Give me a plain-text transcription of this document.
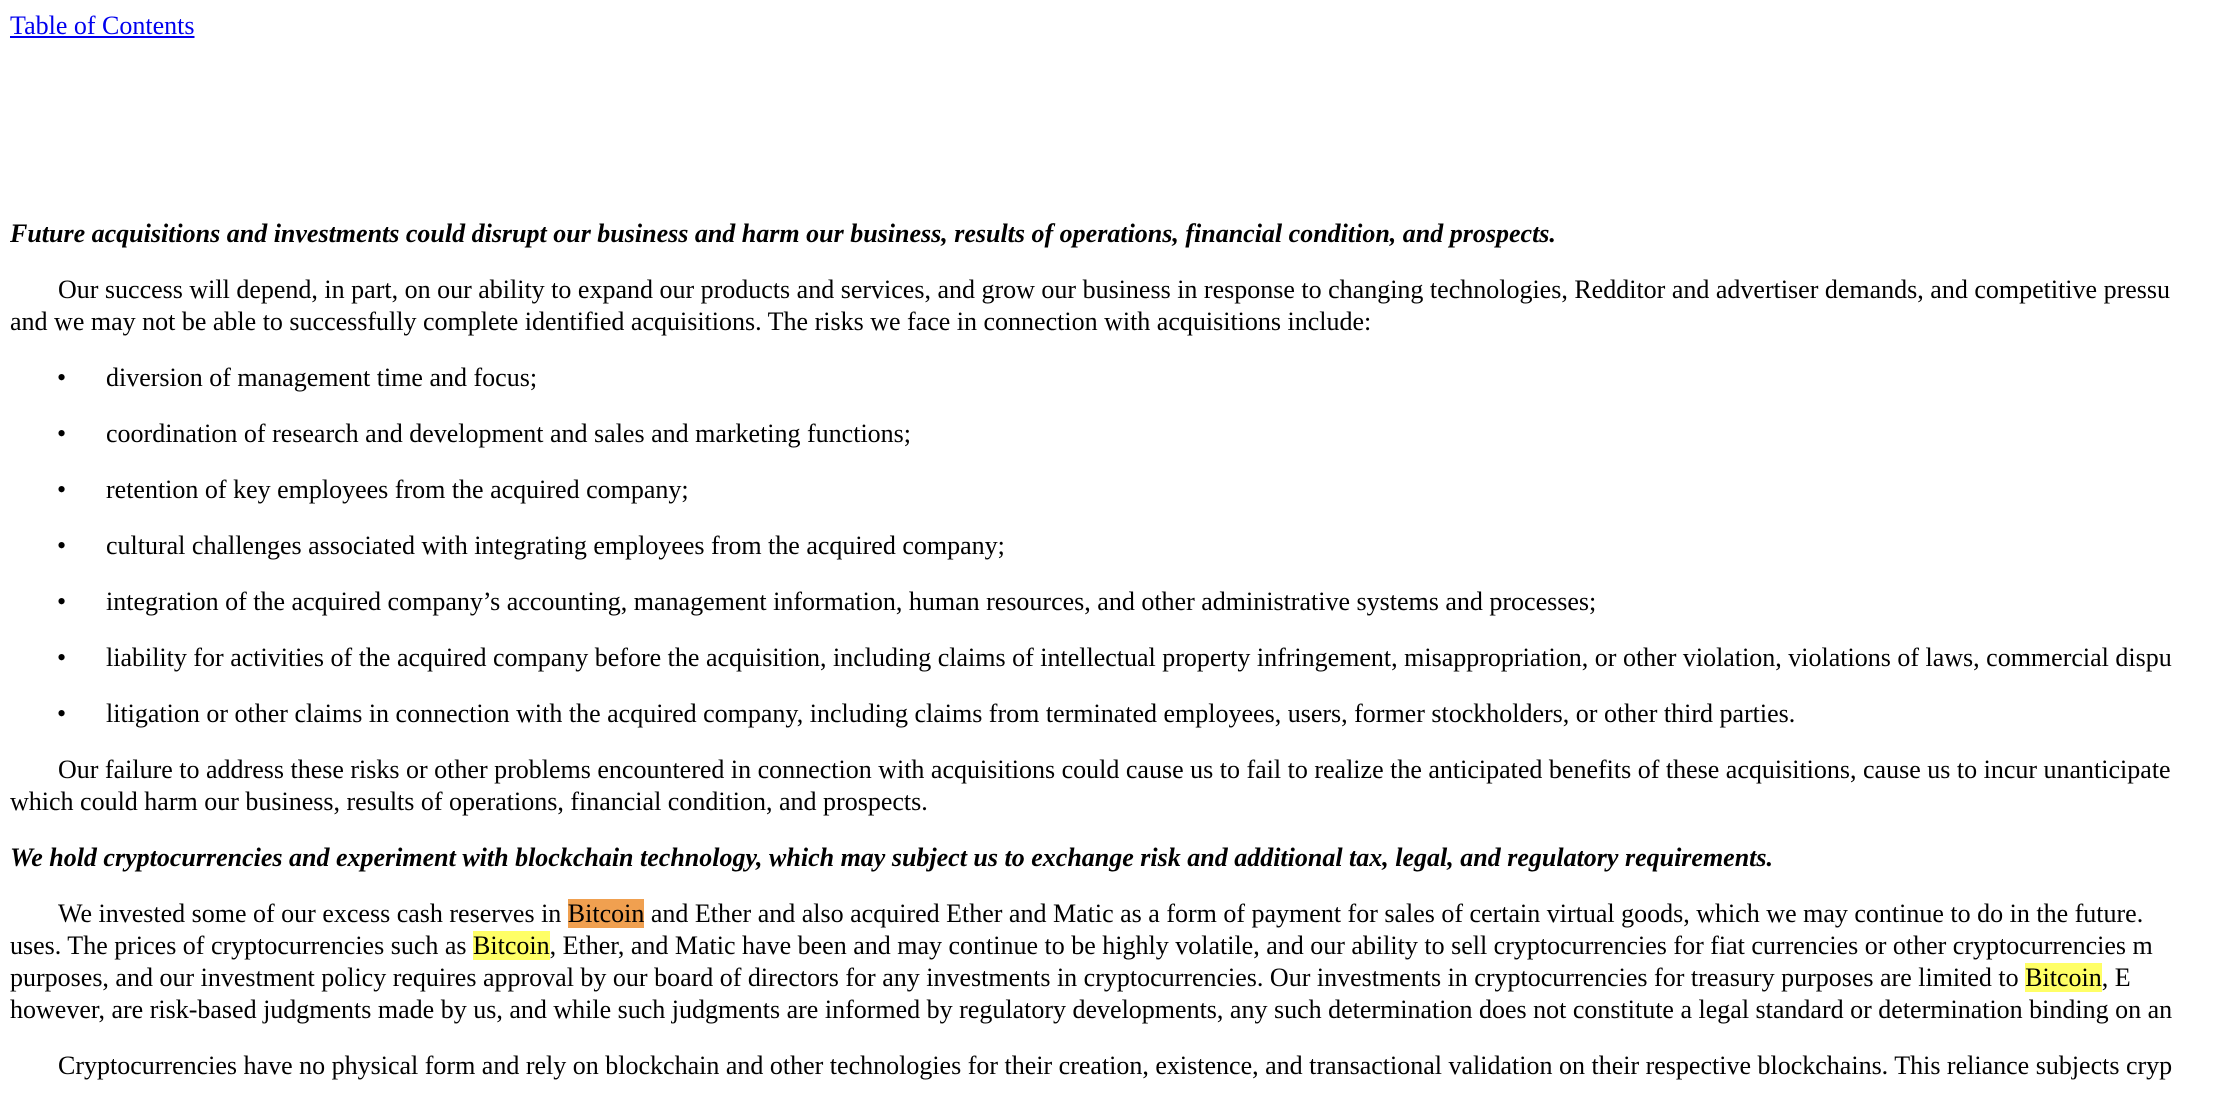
Table of Contents

Future acquisitions and investments could disrupt our business and harm our business, results of operations, financial condition, and prospects.

Our success will depend, in part, on our ability to expand our products and services, and grow our business in response to changing technologies, Redditor and advertiser demands, and competitive pressu
and we may not be able to successfully complete identified acquisitions. The risks we face in connection with acquisitions include:

• diversion of management time and focus;
• coordination of research and development and sales and marketing functions;
• retention of key employees from the acquired company;
• cultural challenges associated with integrating employees from the acquired company;
• integration of the acquired company’s accounting, management information, human resources, and other administrative systems and processes;
• liability for activities of the acquired company before the acquisition, including claims of intellectual property infringement, misappropriation, or other violation, violations of laws, commercial dispu
• litigation or other claims in connection with the acquired company, including claims from terminated employees, users, former stockholders, or other third parties.

Our failure to address these risks or other problems encountered in connection with acquisitions could cause us to fail to realize the anticipated benefits of these acquisitions, cause us to incur unanticipate
which could harm our business, results of operations, financial condition, and prospects.

We hold cryptocurrencies and experiment with blockchain technology, which may subject us to exchange risk and additional tax, legal, and regulatory requirements.

We invested some of our excess cash reserves in Bitcoin and Ether and also acquired Ether and Matic as a form of payment for sales of certain virtual goods, which we may continue to do in the future.
uses. The prices of cryptocurrencies such as Bitcoin, Ether, and Matic have been and may continue to be highly volatile, and our ability to sell cryptocurrencies for fiat currencies or other cryptocurrencies m
purposes, and our investment policy requires approval by our board of directors for any investments in cryptocurrencies. Our investments in cryptocurrencies for treasury purposes are limited to Bitcoin, E
however, are risk-based judgments made by us, and while such judgments are informed by regulatory developments, any such determination does not constitute a legal standard or determination binding on an

Cryptocurrencies have no physical form and rely on blockchain and other technologies for their creation, existence, and transactional validation on their respective blockchains. This reliance subjects cryp
